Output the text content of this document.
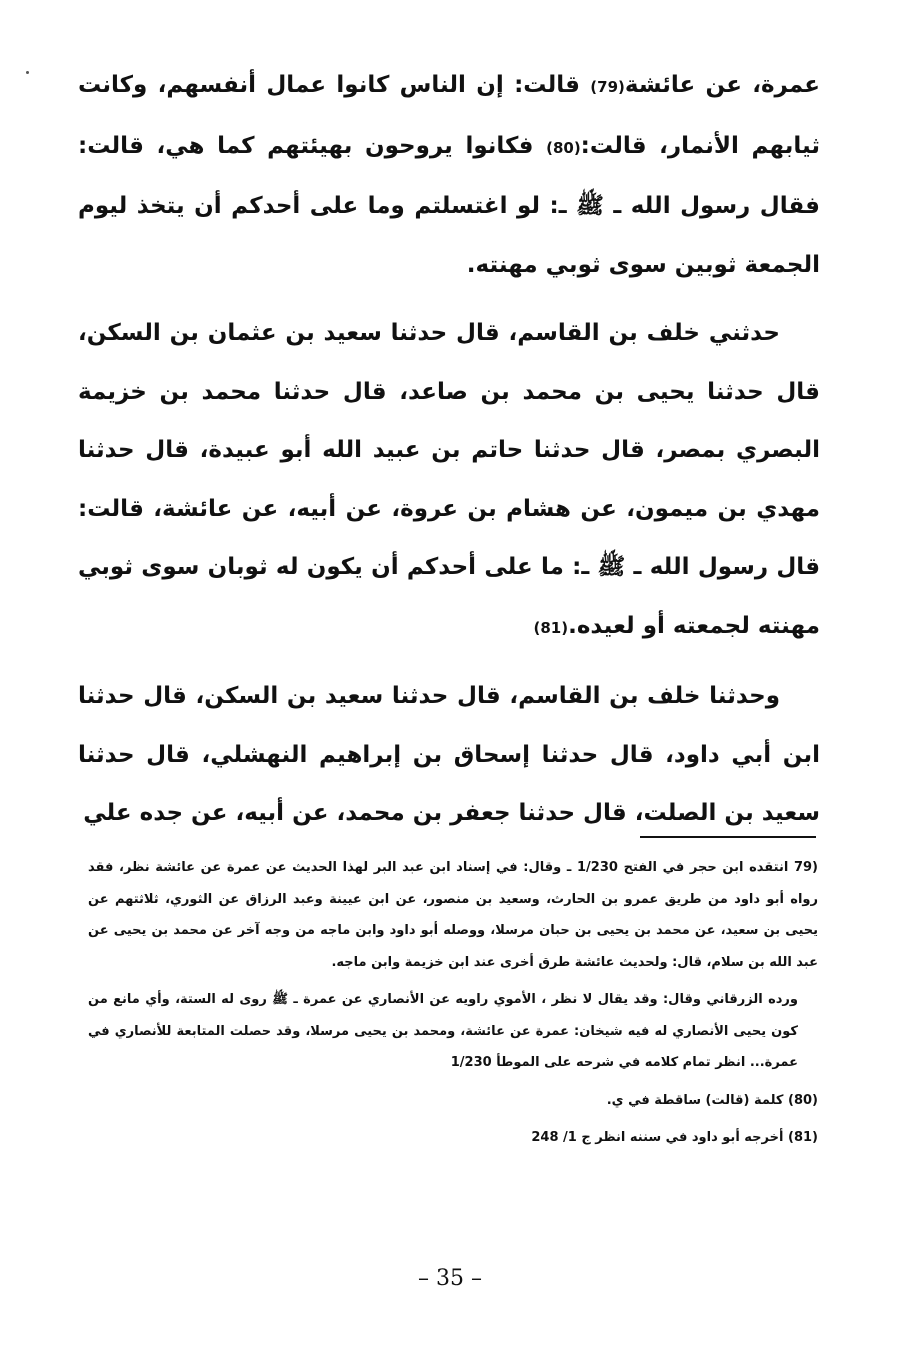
عمرة، عن عائشة(79) قالت: إن الناس كانوا عمال أنفسهم، وكانت ثيابهم الأنمار، قالت:(80) فكانوا يروحون بهيئتهم كما هي، قالت: فقال رسول الله ـ ﷺ ـ: لو اغتسلتم وما على أحدكم أن يتخذ ليوم الجمعة ثوبين سوى ثوبي مهنته.

حدثني خلف بن القاسم، قال حدثنا سعيد بن عثمان بن السكن، قال حدثنا يحيى بن محمد بن صاعد، قال حدثنا محمد بن خزيمة البصري بمصر، قال حدثنا حاتم بن عبيد الله أبو عبيدة، قال حدثنا مهدي بن ميمون، عن هشام بن عروة، عن أبيه، عن عائشة، قالت: قال رسول الله ـ ﷺ ـ: ما على أحدكم أن يكون له ثوبان سوى ثوبي مهنته لجمعته أو لعيده.(81)

وحدثنا خلف بن القاسم، قال حدثنا سعيد بن السكن، قال حدثنا ابن أبي داود، قال حدثنا إسحاق بن إبراهيم النهشلي، قال حدثنا سعيد بن الصلت، قال حدثنا جعفر بن محمد، عن أبيه، عن جده علي

(79 انتقده ابن حجر في الفتح 1/230 ـ وقال: في إسناد ابن عبد البر لهذا الحديث عن عمرة عن عائشة نظر، فقد رواه أبو داود من طريق عمرو بن الحارث، وسعيد بن منصور، عن ابن عيينة وعبد الرزاق عن الثوري، ثلاثتهم عن يحيى بن سعيد، عن محمد بن يحيى بن حبان مرسلا، ووصله أبو داود وابن ماجه من وجه آخر عن محمد بن يحيى عن عبد الله بن سلام، قال: ولحديث عائشة طرق أخرى عند ابن خزيمة وابن ماجه.

ورده الزرقاني وقال: وقد يقال لا نظر ، الأموي راويه عن الأنصاري عن عمرة ـ ﷺ روى له الستة، وأي مانع من كون يحيى الأنصاري له فيه شيخان: عمرة عن عائشة، ومحمد بن يحيى مرسلا، وقد حصلت المتابعة للأنصاري في عمرة... انظر تمام كلامه في شرحه على الموطأ 1/230

(80) كلمة (قالت) ساقطة في ي.

(81) أخرجه أبو داود في سننه انظر ج 1/ 248

– 35 –
